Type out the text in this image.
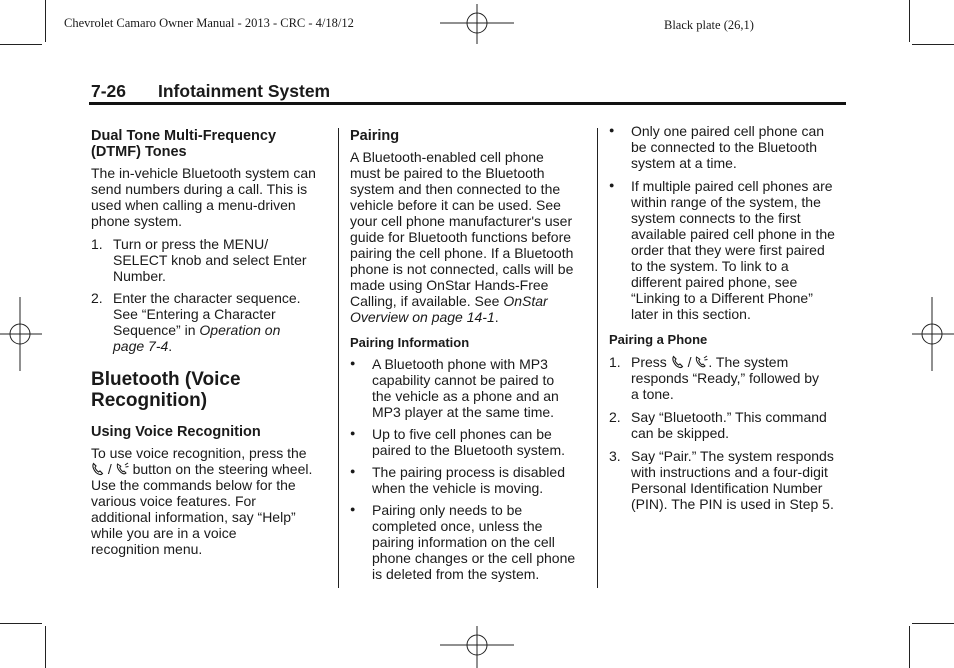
Chevrolet Camaro Owner Manual - 2013 - CRC - 4/18/12	Black plate (26,1)
7-26 Infotainment System

Dual Tone Multi-Frequency
(DTMF) Tones

The in-vehicle Bluetooth system can
send numbers during a call. This is
used when calling a menu-driven
phone system.

1. Turn or press the MENU/
SELECT knob and select Enter
Number.
2. Enter the character sequence.
See “Entering a Character
Sequence” in Operation on
page 7-4.

Bluetooth (Voice
Recognition)

Using Voice Recognition

To use voice recognition, press the
/ button on the steering wheel.
Use the commands below for the
various voice features. For
additional information, say “Help”
while you are in a voice
recognition menu.

Pairing

A Bluetooth-enabled cell phone
must be paired to the Bluetooth
system and then connected to the
vehicle before it can be used. See
your cell phone manufacturer's user
guide for Bluetooth functions before
pairing the cell phone. If a Bluetooth
phone is not connected, calls will be
made using OnStar Hands-Free
Calling, if available. See OnStar
Overview on page 14-1.

Pairing Information

●	A Bluetooth phone with MP3
capability cannot be paired to
the vehicle as a phone and an
MP3 player at the same time.
●	Up to five cell phones can be
paired to the Bluetooth system.
●	The pairing process is disabled
when the vehicle is moving.
●	Pairing only needs to be
completed once, unless the
pairing information on the cell
phone changes or the cell phone
is deleted from the system.
●	Only one paired cell phone can
be connected to the Bluetooth
system at a time.
●	If multiple paired cell phones are
within range of the system, the
system connects to the first
available paired cell phone in the
order that they were first paired
to the system. To link to a
different paired phone, see
“Linking to a Different Phone”
later in this section.

Pairing a Phone

1. Press / . The system
responds “Ready,” followed by
a tone.
2. Say “Bluetooth.” This command
can be skipped.
3. Say “Pair.” The system responds
with instructions and a four-digit
Personal Identification Number
(PIN). The PIN is used in Step 5.
